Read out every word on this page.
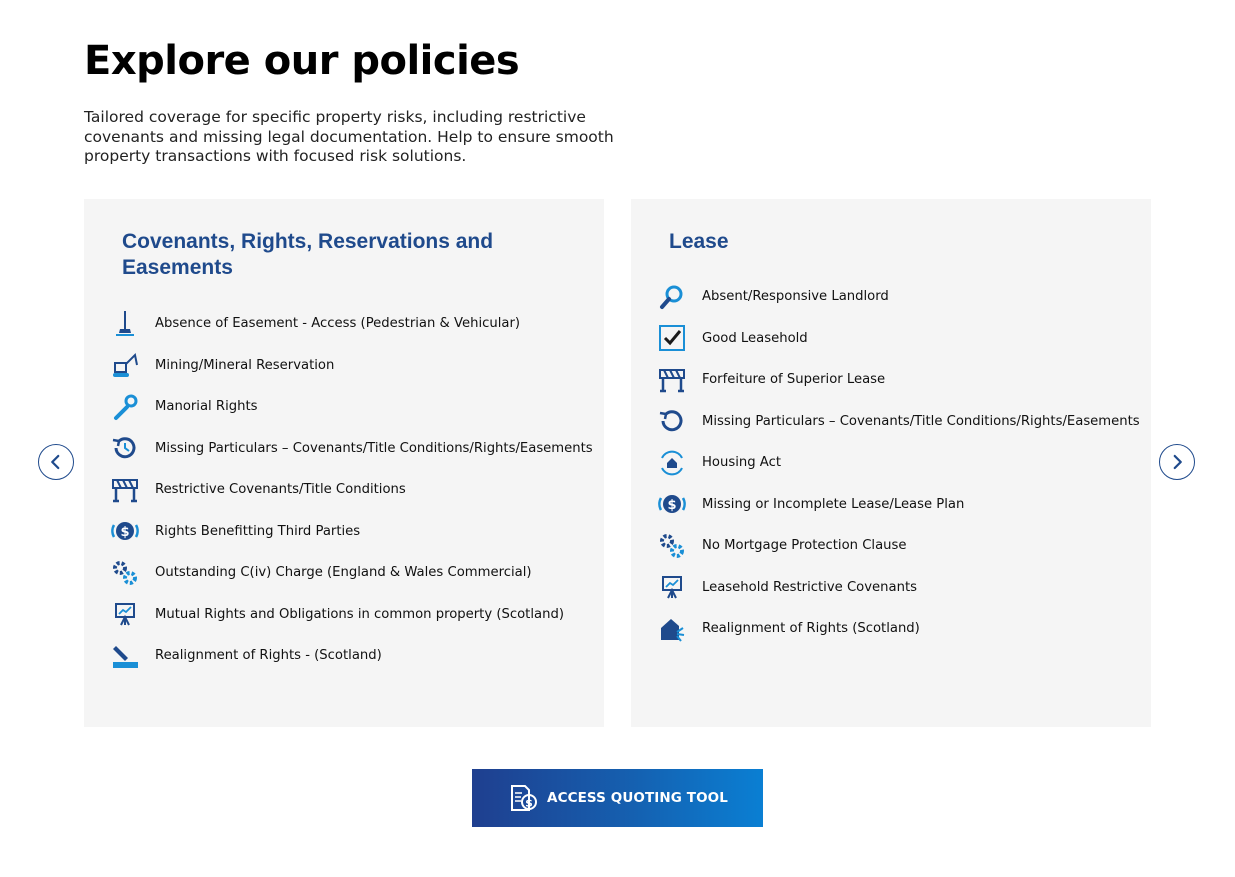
Explore our policies

Tailored coverage for specific property risks, including restrictive covenants and missing legal documentation. Help to ensure smooth property transactions with focused risk solutions.

Covenants, Rights, Reservations and Easements
Absence of Easement - Access (Pedestrian & Vehicular)
Mining/Mineral Reservation
Manorial Rights
Missing Particulars – Covenants/Title Conditions/Rights/Easements
Restrictive Covenants/Title Conditions
$ Rights Benefitting Third Parties
Outstanding C(iv) Charge (England & Wales Commercial)
Mutual Rights and Obligations in common property (Scotland)
Realignment of Rights - (Scotland)
Lease
Absent/Responsive Landlord
Good Leasehold
Forfeiture of Superior Lease
Missing Particulars – Covenants/Title Conditions/Rights/Easements
Housing Act
$ Missing or Incomplete Lease/Lease Plan
No Mortgage Protection Clause
Leasehold Restrictive Covenants
Realignment of Rights (Scotland)
$ ACCESS QUOTING TOOL
